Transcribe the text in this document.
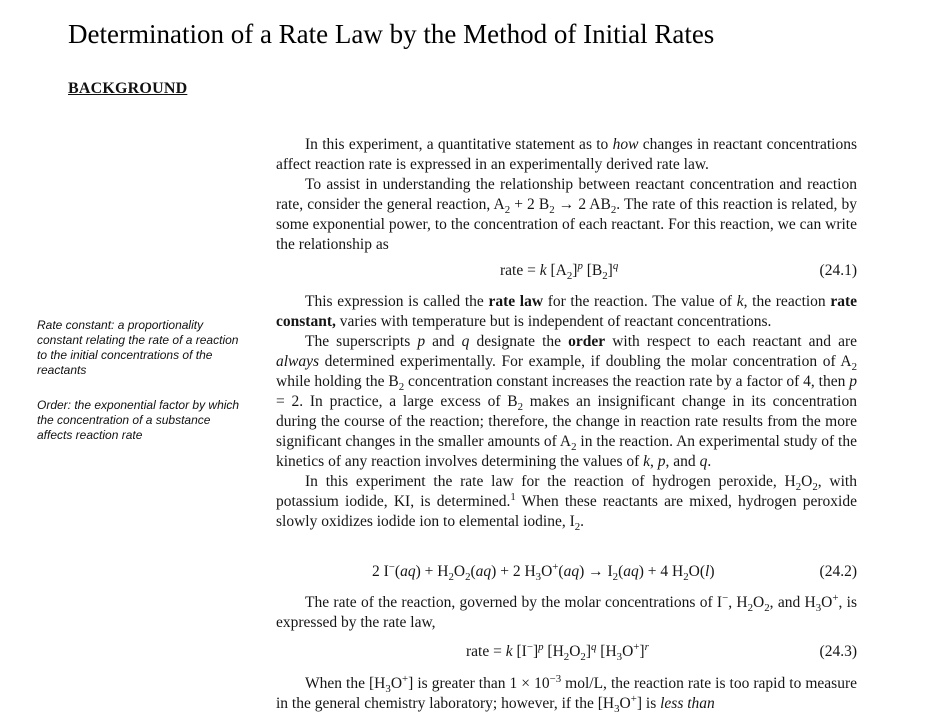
Determination of a Rate Law by the Method of Initial Rates
BACKGROUND

In this experiment, a quantitative statement as to how changes in reactant concentrations affect reaction rate is expressed in an experimentally derived rate law.

To assist in understanding the relationship between reactant concentration and reaction rate, consider the general reaction, $A_2 + 2$ $B_2 \to 2$ $AB_2$. The rate of this reaction is related, by some exponential power, to the concentration of each reactant. For this reaction, we can write the relationship as

rate = k $[A_2]^p$ $[B_2]^q$	(24.1)
Rate constant: a proportionality constant relating the rate of a reaction to the initial concentrations of the reactants
Order: the exponential factor by which the concentration of a substance affects reaction rate

This expression is called the rate law for the reaction. The value of k, the reaction rate constant, varies with temperature but is independent of reactant concentrations.

The superscripts p and q designate the order with respect to each reactant and are always determined experimentally. For example, if doubling the molar concentration of $A_2$ while holding the $B_2$ concentration constant increases the reaction rate by a factor of 4, then p = 2. In practice, a large excess of $B_2$ makes an insignificant change in its concentration during the course of the reaction; therefore, the change in reaction rate results from the more significant changes in the smaller amounts of $A_2$ in the reaction. An experimental study of the kinetics of any reaction involves determining the values of k, p, and q.

In this experiment the rate law for the reaction of hydrogen peroxide, $H_2O_2$, with potassium iodide, KI, is determined.$^1$ When these reactants are mixed, hydrogen peroxide slowly oxidizes iodide ion to elemental iodine, $I_2$.

2 $I^-(aq) + H_2O_2(aq) + 2$ $H_3O^+(aq) \to I_2(aq) + 4$ $H_2O(l)$	(24.2)

The rate of the reaction, governed by the molar concentrations of I−, $H_2O_2$, and $H_3O^+$, is expressed by the rate law,

rate = k $[I^-]^p$ $[H_2O_2]^q$ $[H_3O^+]^r$	(24.3)

When the $[H_3O^+]$ is greater than $1 \times 10^{-3}$ mol/L, the reaction rate is too rapid to measure in the general chemistry laboratory; however, if the $[H_3O^+]$ is less than
